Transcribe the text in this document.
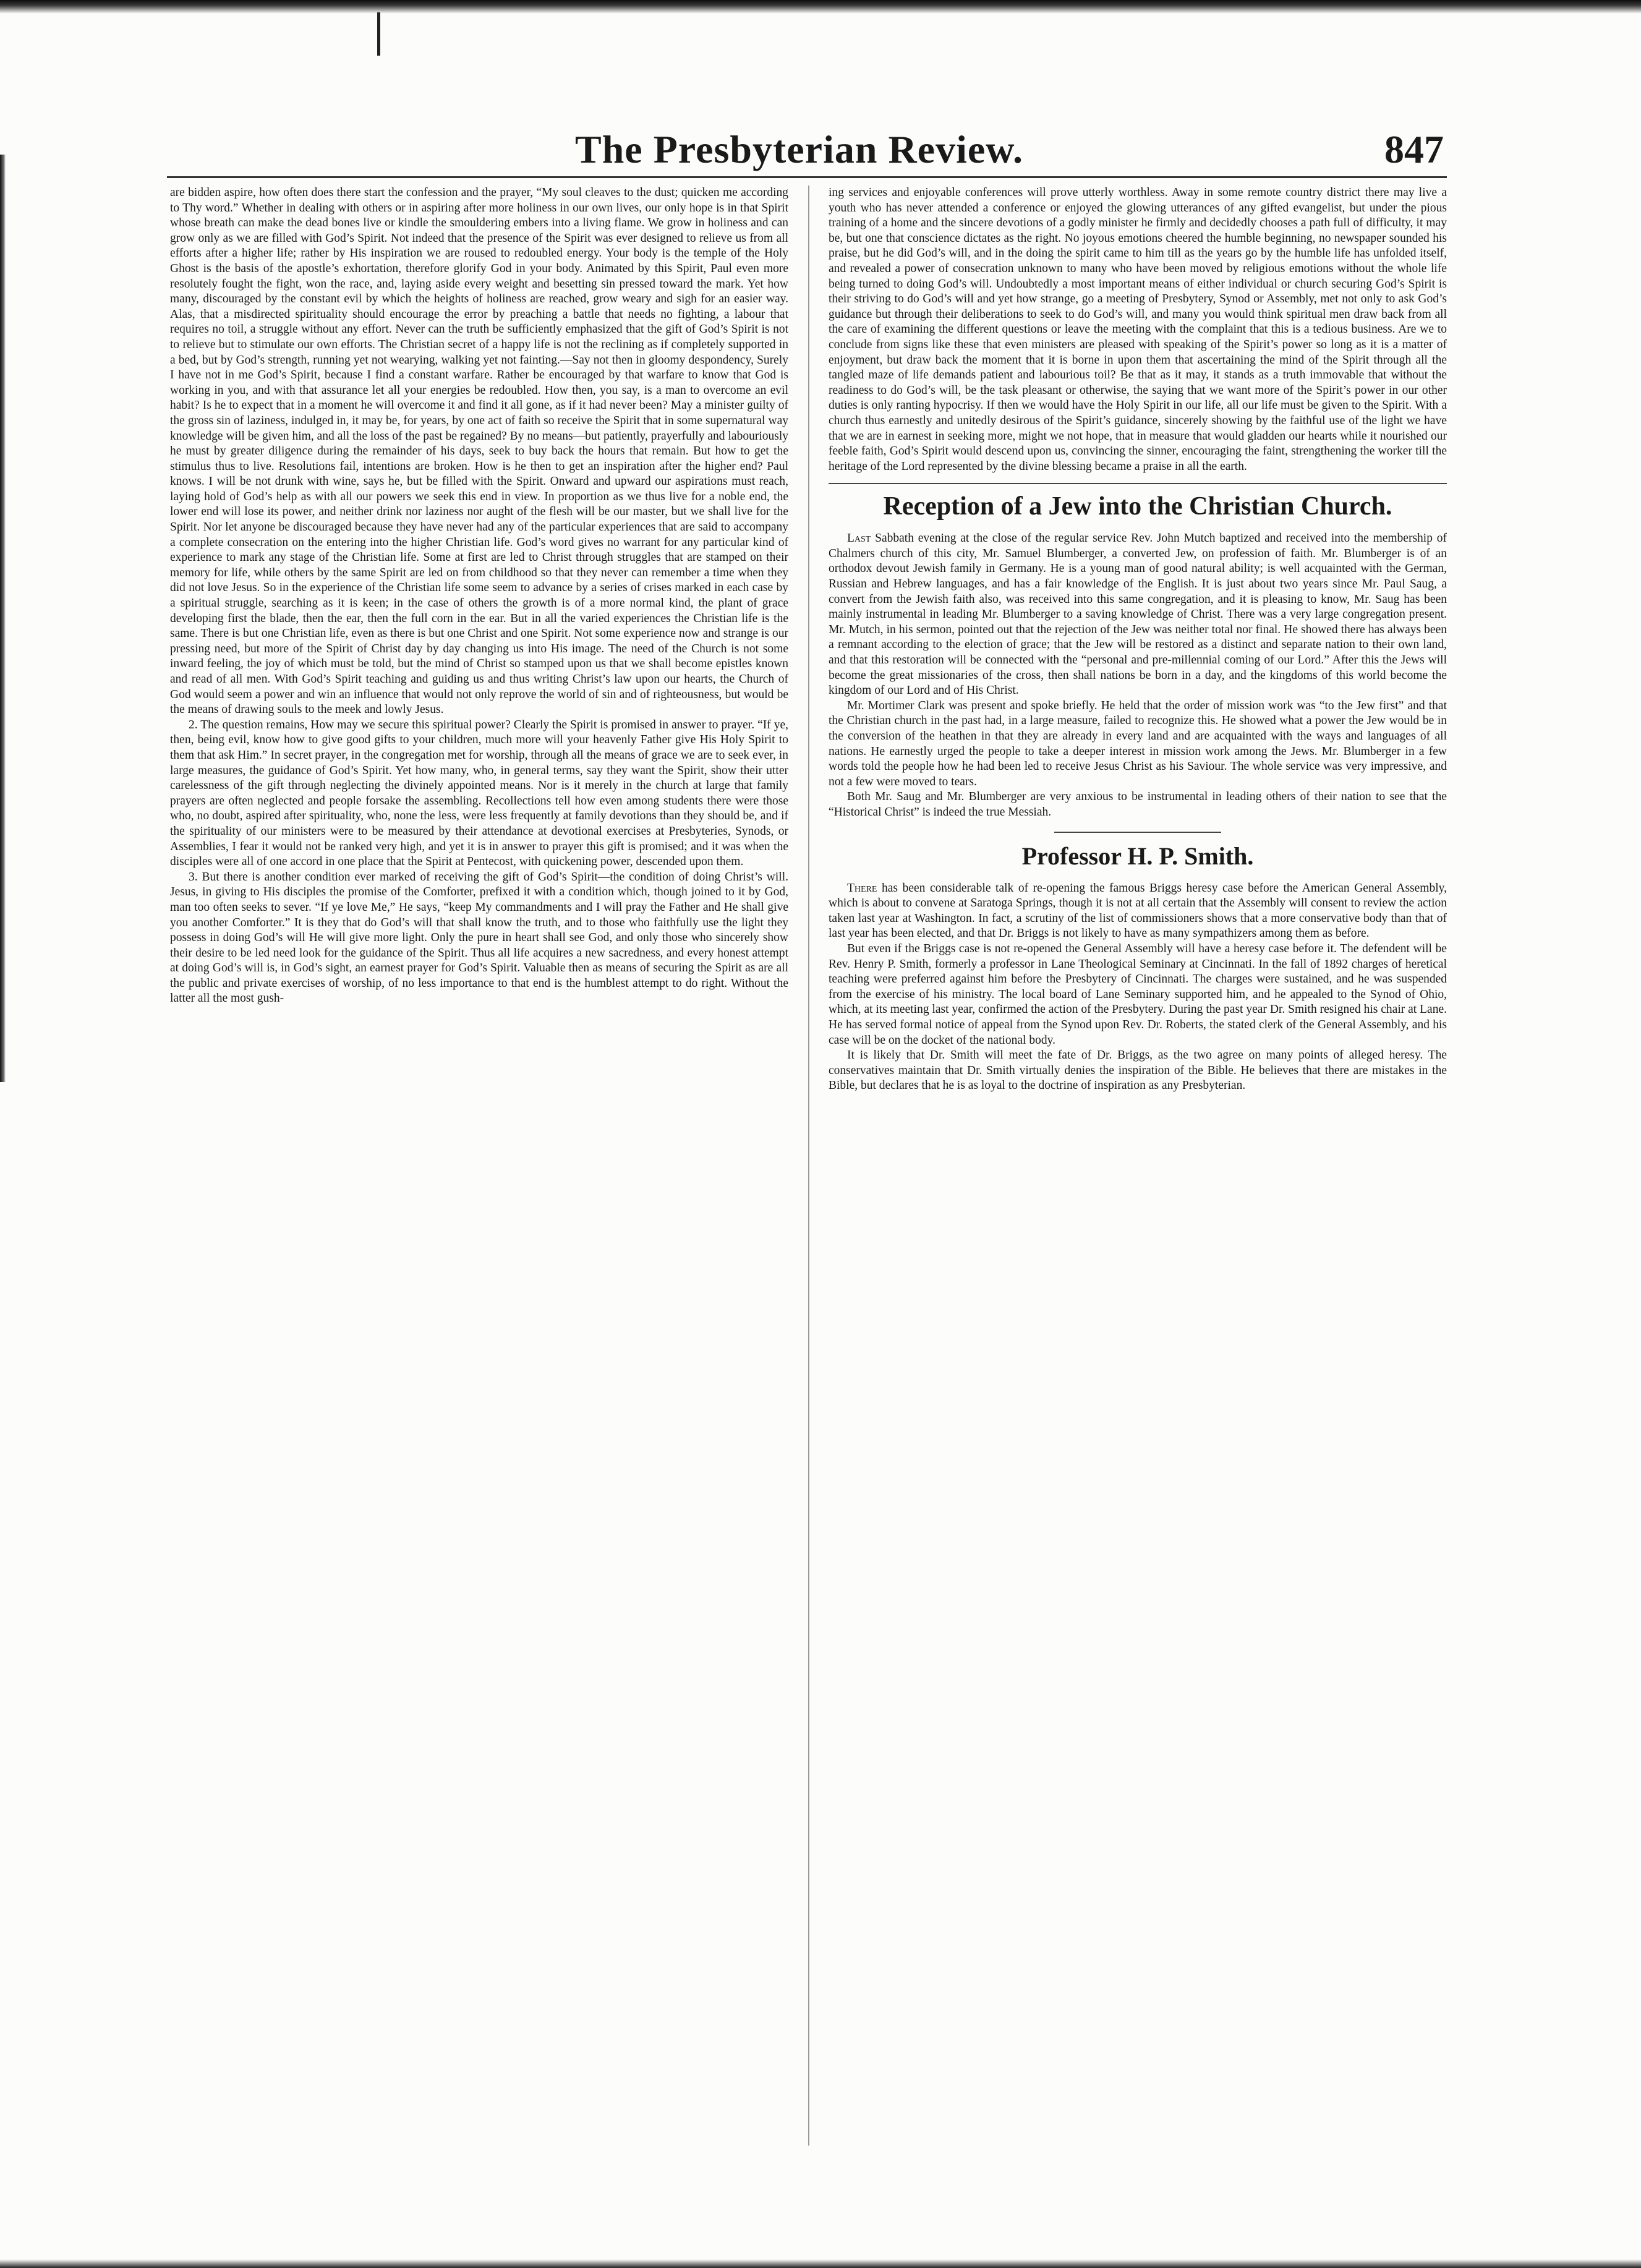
The Presbyterian Review.	847

are bidden aspire, how often does there start the confession and the prayer, “My soul cleaves to the dust; quicken me according to Thy word.” Whether in dealing with others or in aspiring after more holiness in our own lives, our only hope is in that Spirit whose breath can make the dead bones live or kindle the smouldering embers into a living flame. We grow in holiness and can grow only as we are filled with God’s Spirit. Not indeed that the presence of the Spirit was ever designed to relieve us from all efforts after a higher life; rather by His inspiration we are roused to redoubled energy. Your body is the temple of the Holy Ghost is the basis of the apostle’s exhortation, therefore glorify God in your body. Animated by this Spirit, Paul even more resolutely fought the fight, won the race, and, laying aside every weight and besetting sin pressed toward the mark. Yet how many, discouraged by the constant evil by which the heights of holiness are reached, grow weary and sigh for an easier way. Alas, that a misdirected spirituality should encourage the error by preaching a battle that needs no fighting, a labour that requires no toil, a struggle without any effort. Never can the truth be sufficiently emphasized that the gift of God’s Spirit is not to relieve but to stimulate our own efforts. The Christian secret of a happy life is not the reclining as if completely supported in a bed, but by God’s strength, running yet not wearying, walking yet not fainting.—Say not then in gloomy despondency, Surely I have not in me God’s Spirit, because I find a constant warfare. Rather be encouraged by that warfare to know that God is working in you, and with that assurance let all your energies be redoubled. How then, you say, is a man to overcome an evil habit? Is he to expect that in a moment he will overcome it and find it all gone, as if it had never been? May a minister guilty of the gross sin of laziness, indulged in, it may be, for years, by one act of faith so receive the Spirit that in some supernatural way knowledge will be given him, and all the loss of the past be regained? By no means—but patiently, prayerfully and labouriously he must by greater diligence during the remainder of his days, seek to buy back the hours that remain. But how to get the stimulus thus to live. Resolutions fail, intentions are broken. How is he then to get an inspiration after the higher end? Paul knows. I will be not drunk with wine, says he, but be filled with the Spirit. Onward and upward our aspirations must reach, laying hold of God’s help as with all our powers we seek this end in view. In proportion as we thus live for a noble end, the lower end will lose its power, and neither drink nor laziness nor aught of the flesh will be our master, but we shall live for the Spirit. Nor let anyone be discouraged because they have never had any of the particular experiences that are said to accompany a complete consecration on the entering into the higher Christian life. God’s word gives no warrant for any particular kind of experience to mark any stage of the Christian life. Some at first are led to Christ through struggles that are stamped on their memory for life, while others by the same Spirit are led on from childhood so that they never can remember a time when they did not love Jesus. So in the experience of the Christian life some seem to advance by a series of crises marked in each case by a spiritual struggle, searching as it is keen; in the case of others the growth is of a more normal kind, the plant of grace developing first the blade, then the ear, then the full corn in the ear. But in all the varied experiences the Christian life is the same. There is but one Christian life, even as there is but one Christ and one Spirit. Not some experience now and strange is our pressing need, but more of the Spirit of Christ day by day changing us into His image. The need of the Church is not some inward feeling, the joy of which must be told, but the mind of Christ so stamped upon us that we shall become epistles known and read of all men. With God’s Spirit teaching and guiding us and thus writing Christ’s law upon our hearts, the Church of God would seem a power and win an influence that would not only reprove the world of sin and of righteousness, but would be the means of drawing souls to the meek and lowly Jesus.

2. The question remains, How may we secure this spiritual power? Clearly the Spirit is promised in answer to prayer. “If ye, then, being evil, know how to give good gifts to your children, much more will your heavenly Father give His Holy Spirit to them that ask Him.” In secret prayer, in the congregation met for worship, through all the means of grace we are to seek ever, in large measures, the guidance of God’s Spirit. Yet how many, who, in general terms, say they want the Spirit, show their utter carelessness of the gift through neglecting the divinely appointed means. Nor is it merely in the church at large that family prayers are often neglected and people forsake the assembling. Recollections tell how even among students there were those who, no doubt, aspired after spirituality, who, none the less, were less frequently at family devotions than they should be, and if the spirituality of our ministers were to be measured by their attendance at devotional exercises at Presbyteries, Synods, or Assemblies, I fear it would not be ranked very high, and yet it is in answer to prayer this gift is promised; and it was when the disciples were all of one accord in one place that the Spirit at Pentecost, with quickening power, descended upon them.

3. But there is another condition ever marked of receiving the gift of God’s Spirit—the condition of doing Christ’s will. Jesus, in giving to His disciples the promise of the Comforter, prefixed it with a condition which, though joined to it by God, man too often seeks to sever. “If ye love Me,” He says, “keep My commandments and I will pray the Father and He shall give you another Comforter.” It is they that do God’s will that shall know the truth, and to those who faithfully use the light they possess in doing God’s will He will give more light. Only the pure in heart shall see God, and only those who sincerely show their desire to be led need look for the guidance of the Spirit. Thus all life acquires a new sacredness, and every honest attempt at doing God’s will is, in God’s sight, an earnest prayer for God’s Spirit. Valuable then as means of securing the Spirit as are all the public and private exercises of worship, of no less importance to that end is the humblest attempt to do right. Without the latter all the most gush-

ing services and enjoyable conferences will prove utterly worthless. Away in some remote country district there may live a youth who has never attended a conference or enjoyed the glowing utterances of any gifted evangelist, but under the pious training of a home and the sincere devotions of a godly minister he firmly and decidedly chooses a path full of difficulty, it may be, but one that conscience dictates as the right. No joyous emotions cheered the humble beginning, no newspaper sounded his praise, but he did God’s will, and in the doing the spirit came to him till as the years go by the humble life has unfolded itself, and revealed a power of consecration unknown to many who have been moved by religious emotions without the whole life being turned to doing God’s will. Undoubtedly a most important means of either individual or church securing God’s Spirit is their striving to do God’s will and yet how strange, go a meeting of Presbytery, Synod or Assembly, met not only to ask God’s guidance but through their deliberations to seek to do God’s will, and many you would think spiritual men draw back from all the care of examining the different questions or leave the meeting with the complaint that this is a tedious business. Are we to conclude from signs like these that even ministers are pleased with speaking of the Spirit’s power so long as it is a matter of enjoyment, but draw back the moment that it is borne in upon them that ascertaining the mind of the Spirit through all the tangled maze of life demands patient and labourious toil? Be that as it may, it stands as a truth immovable that without the readiness to do God’s will, be the task pleasant or otherwise, the saying that we want more of the Spirit’s power in our other duties is only ranting hypocrisy. If then we would have the Holy Spirit in our life, all our life must be given to the Spirit. With a church thus earnestly and unitedly desirous of the Spirit’s guidance, sincerely showing by the faithful use of the light we have that we are in earnest in seeking more, might we not hope, that in measure that would gladden our hearts while it nourished our feeble faith, God’s Spirit would descend upon us, convincing the sinner, encouraging the faint, strengthening the worker till the heritage of the Lord represented by the divine blessing became a praise in all the earth.

Reception of a Jew into the Christian Church.

Last Sabbath evening at the close of the regular service Rev. John Mutch baptized and received into the membership of Chalmers church of this city, Mr. Samuel Blumberger, a converted Jew, on profession of faith. Mr. Blumberger is of an orthodox devout Jewish family in Germany. He is a young man of good natural ability; is well acquainted with the German, Russian and Hebrew languages, and has a fair knowledge of the English. It is just about two years since Mr. Paul Saug, a convert from the Jewish faith also, was received into this same congregation, and it is pleasing to know, Mr. Saug has been mainly instrumental in leading Mr. Blumberger to a saving knowledge of Christ. There was a very large congregation present. Mr. Mutch, in his sermon, pointed out that the rejection of the Jew was neither total nor final. He showed there has always been a remnant according to the election of grace; that the Jew will be restored as a distinct and separate nation to their own land, and that this restoration will be connected with the “personal and pre-millennial coming of our Lord.” After this the Jews will become the great missionaries of the cross, then shall nations be born in a day, and the kingdoms of this world become the kingdom of our Lord and of His Christ.

Mr. Mortimer Clark was present and spoke briefly. He held that the order of mission work was “to the Jew first” and that the Christian church in the past had, in a large measure, failed to recognize this. He showed what a power the Jew would be in the conversion of the heathen in that they are already in every land and are acquainted with the ways and languages of all nations. He earnestly urged the people to take a deeper interest in mission work among the Jews. Mr. Blumberger in a few words told the people how he had been led to receive Jesus Christ as his Saviour. The whole service was very impressive, and not a few were moved to tears.

Both Mr. Saug and Mr. Blumberger are very anxious to be instrumental in leading others of their nation to see that the “Historical Christ” is indeed the true Messiah.

Professor H. P. Smith.

There has been considerable talk of re-opening the famous Briggs heresy case before the American General Assembly, which is about to convene at Saratoga Springs, though it is not at all certain that the Assembly will consent to review the action taken last year at Washington. In fact, a scrutiny of the list of commissioners shows that a more conservative body than that of last year has been elected, and that Dr. Briggs is not likely to have as many sympathizers among them as before.

But even if the Briggs case is not re-opened the General Assembly will have a heresy case before it. The defendent will be Rev. Henry P. Smith, formerly a professor in Lane Theological Seminary at Cincinnati. In the fall of 1892 charges of heretical teaching were preferred against him before the Presbytery of Cincinnati. The charges were sustained, and he was suspended from the exercise of his ministry. The local board of Lane Seminary supported him, and he appealed to the Synod of Ohio, which, at its meeting last year, confirmed the action of the Presbytery. During the past year Dr. Smith resigned his chair at Lane. He has served formal notice of appeal from the Synod upon Rev. Dr. Roberts, the stated clerk of the General Assembly, and his case will be on the docket of the national body.

It is likely that Dr. Smith will meet the fate of Dr. Briggs, as the two agree on many points of alleged heresy. The conservatives maintain that Dr. Smith virtually denies the inspiration of the Bible. He believes that there are mistakes in the Bible, but declares that he is as loyal to the doctrine of inspiration as any Presbyterian.
